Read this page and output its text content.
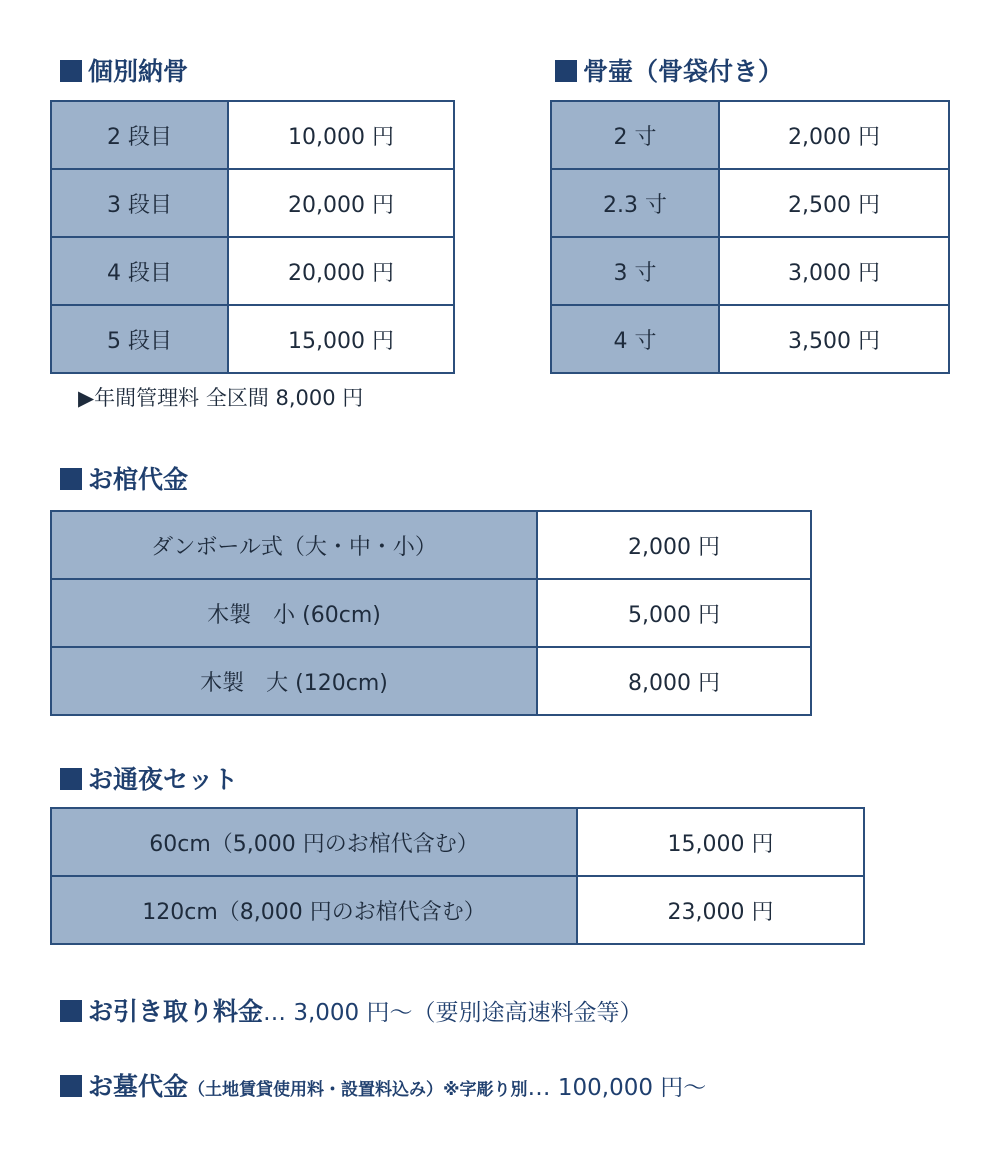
個別納骨
2 段目	10,000 円
3 段目	20,000 円
4 段目	20,000 円
5 段目	15,000 円
▶年間管理料 全区間 8,000 円
骨壷（骨袋付き）
2 寸	2,000 円
2.3 寸	2,500 円
3 寸	3,000 円
4 寸	3,500 円
お棺代金
ダンボール式（大・中・小）	2,000 円
木製　小 (60cm)	5,000 円
木製　大 (120cm)	8,000 円
お通夜セット
60cm（5,000 円のお棺代含む）	15,000 円
120cm（8,000 円のお棺代含む）	23,000 円
お引き取り料金… 3,000 円～（要別途高速料金等）
お墓代金（土地賃貸使用料・設置料込み）※字彫り別… 100,000 円～
